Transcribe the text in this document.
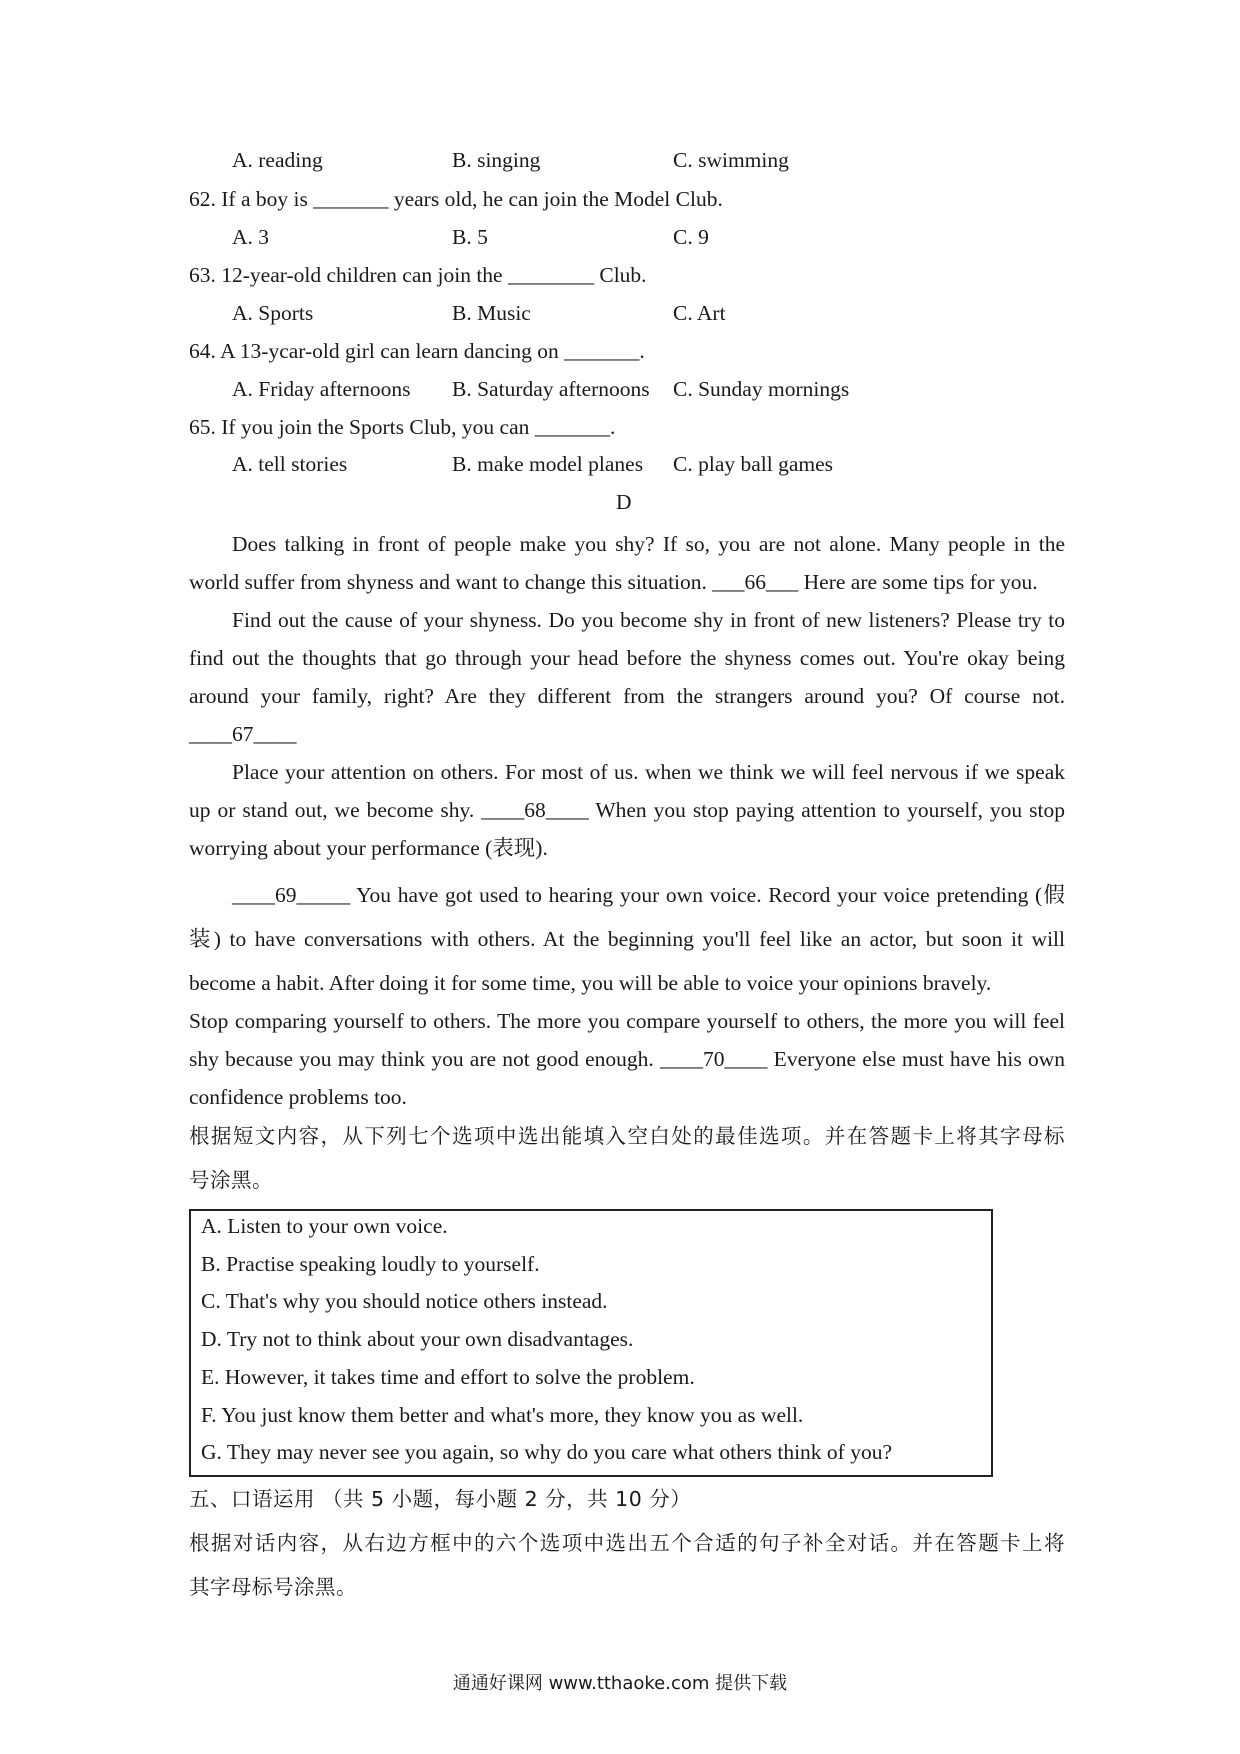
A. reading	B. singing	C. swimming
62. If a boy is _______ years old, he can join the Model Club.
A. 3	B. 5	C. 9
63. 12-year-old children can join the ________ Club.
A. Sports	B. Music	C. Art
64. A 13-ycar-old girl can learn dancing on _______.
A. Friday afternoons B. Saturday afternoons C. Sunday mornings
65. If you join the Sports Club, you can _______.
A. tell stories	B. make model planes C. play ball games
D
Does talking in front of people make you shy? If so, you are not alone. Many people in the
world suffer from shyness and want to change this situation. ___66___ Here are some tips for you.
Find out the cause of your shyness. Do you become shy in front of new listeners? Please try to
find out the thoughts that go through your head before the shyness comes out. You're okay being
around your family, right? Are they different from the strangers around you? Of course not.
____67____
Place your attention on others. For most of us. when we think we will feel nervous if we speak
up or stand out, we become shy. ____68____ When you stop paying attention to yourself, you stop
worrying about your performance (表现).
____69_____ You have got used to hearing your own voice. Record your voice pretending (假
装) to have conversations with others. At the beginning you'll feel like an actor, but soon it will
become a habit. After doing it for some time, you will be able to voice your opinions bravely.
Stop comparing yourself to others. The more you compare yourself to others, the more you will feel
shy because you may think you are not good enough. ____70____ Everyone else must have his own
confidence problems too.
根据短文内容，从下列七个选项中选出能填入空白处的最佳选项。并在答题卡上将其字母标
号涂黑。
A. Listen to your own voice.
B. Practise speaking loudly to yourself.
C. That's why you should notice others instead.
D. Try not to think about your own disadvantages.
E. However, it takes time and effort to solve the problem.
F. You just know them better and what's more, they know you as well.
G. They may never see you again, so why do you care what others think of you?
五、口语运用 （共 5 小题，每小题 2 分，共 10 分）
根据对话内容，从右边方框中的六个选项中选出五个合适的句子补全对话。并在答题卡上将
其字母标号涂黑。
通通好课网 www.tthaoke.com 提供下载
